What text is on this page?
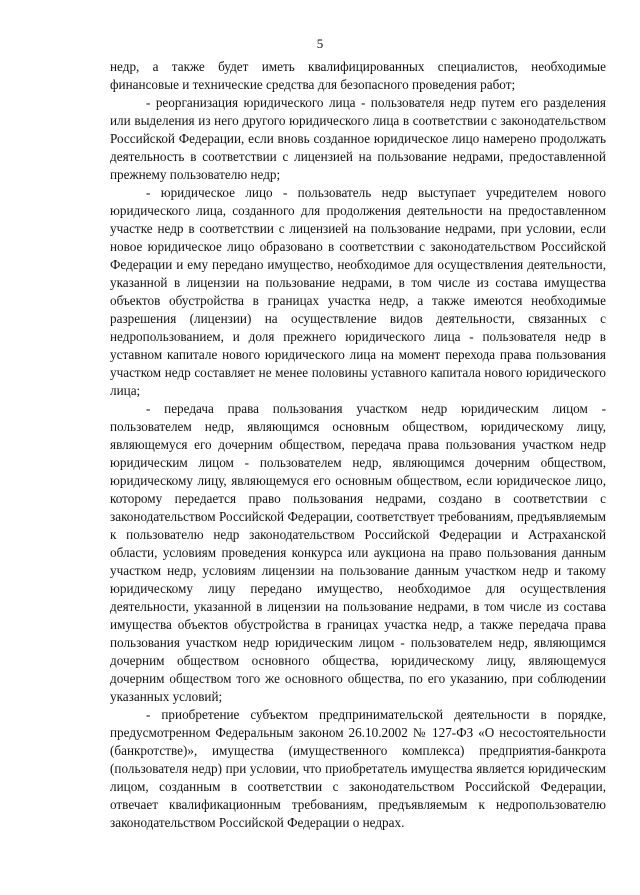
5

недр, а также будет иметь квалифицированных специалистов, необходимые финансовые и технические средства для безопасного проведения работ;

- реорганизация юридического лица - пользователя недр путем его разделения или выделения из него другого юридического лица в соответствии с законодательством Российской Федерации, если вновь созданное юридическое лицо намерено продолжать деятельность в соответствии с лицензией на пользование недрами, предоставленной прежнему пользователю недр;

- юридическое лицо - пользователь недр выступает учредителем нового юридического лица, созданного для продолжения деятельности на предоставленном участке недр в соответствии с лицензией на пользование недрами, при условии, если новое юридическое лицо образовано в соответствии с законодательством Российской Федерации и ему передано имущество, необходимое для осуществления деятельности, указанной в лицензии на пользование недрами, в том числе из состава имущества объектов обустройства в границах участка недр, а также имеются необходимые разрешения (лицензии) на осуществление видов деятельности, связанных с недропользованием, и доля прежнего юридического лица - пользователя недр в уставном капитале нового юридического лица на момент перехода права пользования участком недр составляет не менее половины уставного капитала нового юридического лица;

- передача права пользования участком недр юридическим лицом - пользователем недр, являющимся основным обществом, юридическому лицу, являющемуся его дочерним обществом, передача права пользования участком недр юридическим лицом - пользователем недр, являющимся дочерним обществом, юридическому лицу, являющемуся его основным обществом, если юридическое лицо, которому передается право пользования недрами, создано в соответствии с законодательством Российской Федерации, соответствует требованиям, предъявляемым к пользователю недр законодательством Российской Федерации и Астраханской области, условиям проведения конкурса или аукциона на право пользования данным участком недр, условиям лицензии на пользование данным участком недр и такому юридическому лицу передано имущество, необходимое для осуществления деятельности, указанной в лицензии на пользование недрами, в том числе из состава имущества объектов обустройства в границах участка недр, а также передача права пользования участком недр юридическим лицом - пользователем недр, являющимся дочерним обществом основного общества, юридическому лицу, являющемуся дочерним обществом того же основного общества, по его указанию, при соблюдении указанных условий;

- приобретение субъектом предпринимательской деятельности в порядке, предусмотренном Федеральным законом 26.10.2002 № 127-ФЗ «О несостоятельности (банкротстве)», имущества (имущественного комплекса) предприятия-банкрота (пользователя недр) при условии, что приобретатель имущества является юридическим лицом, созданным в соответствии с законодательством Российской Федерации, отвечает квалификационным требованиям, предъявляемым к недропользователю законодательством Российской Федерации о недрах.
